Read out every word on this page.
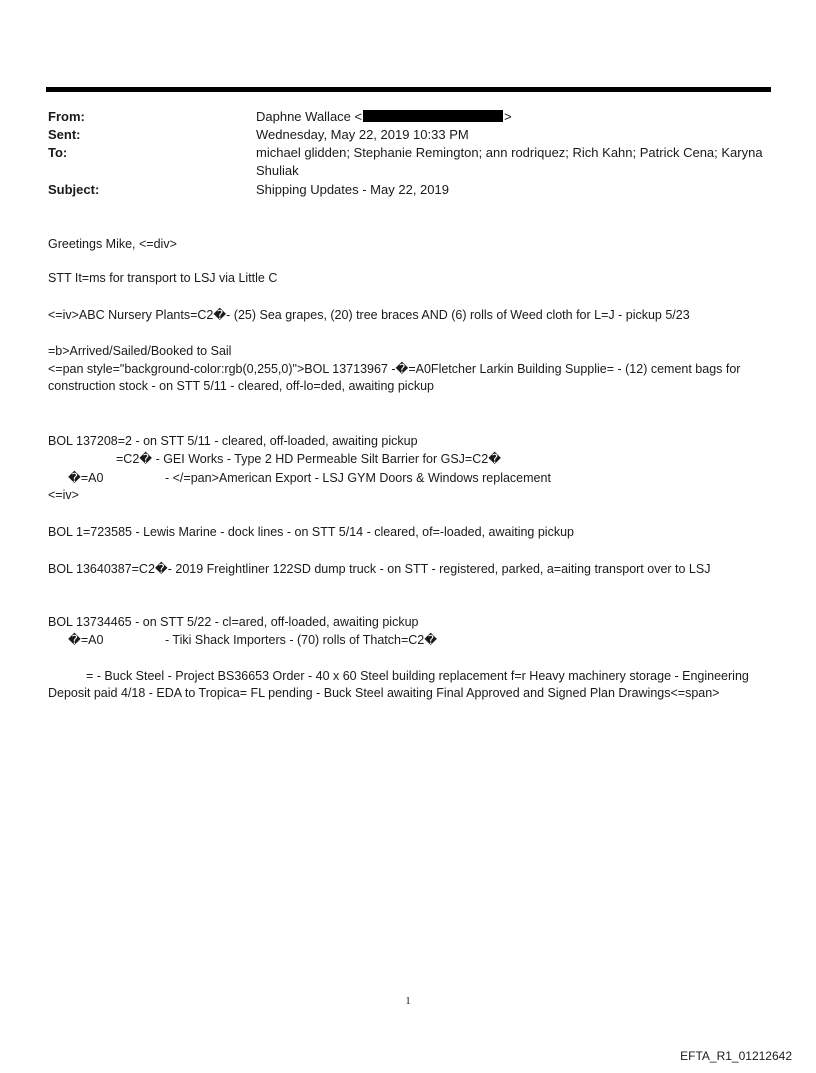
From:	Daphne Wallace <	>
Sent:	Wednesday, May 22, 2019 10:33 PM
To:	michael glidden; Stephanie Remington; ann rodriquez; Rich Kahn; Patrick Cena; Karyna Shuliak
Subject:	Shipping Updates - May 22, 2019
Greetings Mike, <=div>
STT It=ms for transport to LSJ via Little C
<=iv>ABC Nursery Plants=C2�- (25) Sea grapes, (20) tree braces AND (6) rolls of Weed cloth for L=J - pickup 5/23
=b>Arrived/Sailed/Booked to Sail
<=pan style="background-color:rgb(0,255,0)">BOL 13713967 -�=A0Fletcher Larkin Building Supplie= - (12) cement bags for construction stock - on STT 5/11 - cleared, off-lo=ded, awaiting pickup
BOL 137208=2 - on STT 5/11 - cleared, off-loaded, awaiting pickup
=C2� - GEI Works - Type 2 HD Permeable Silt Barrier for GSJ=C2�
�=A0	- </=pan>American Export - LSJ GYM Doors & Windows replacement
<=iv>
BOL 1=723585 - Lewis Marine - dock lines - on STT 5/14 - cleared, of=-loaded, awaiting pickup
BOL 13640387=C2�- 2019 Freightliner 122SD dump truck - on STT - registered, parked, a=aiting transport over to LSJ
BOL 13734465 - on STT 5/22 - cl=ared, off-loaded, awaiting pickup
�=A0	- Tiki Shack Importers - (70) rolls of Thatch=C2�
= - Buck Steel - Project BS36653 Order - 40 x 60 Steel building replacement f=r Heavy machinery storage - Engineering Deposit paid 4/18 - EDA to Tropica= FL pending - Buck Steel awaiting Final Approved and Signed Plan Drawings<=span>
1
EFTA_R1_01212642
